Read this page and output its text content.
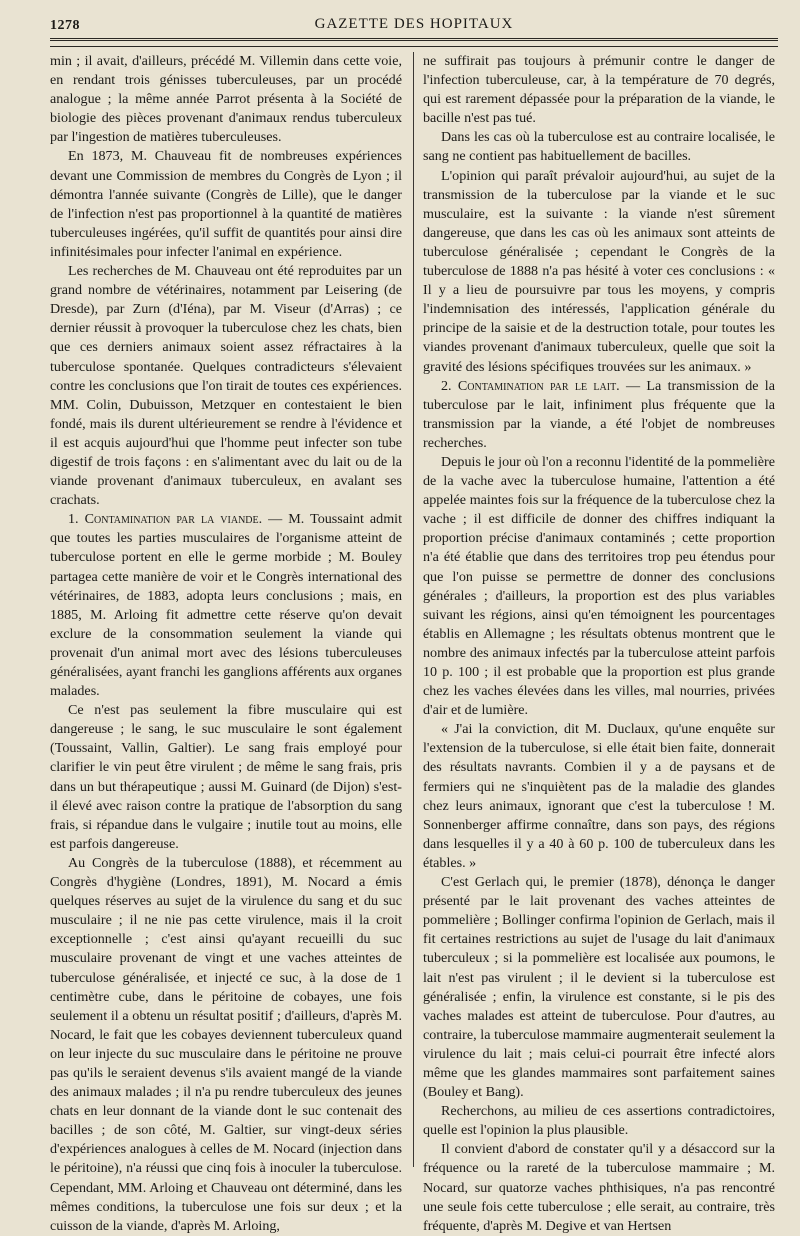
1278	GAZETTE DES HOPITAUX

min ; il avait, d'ailleurs, précédé M. Villemin dans cette voie, en rendant trois génisses tuberculeuses, par un procédé analogue ; la même année Parrot présenta à la Société de biologie des pièces provenant d'animaux rendus tuberculeux par l'ingestion de matières tuberculeuses.

En 1873, M. Chauveau fit de nombreuses expériences devant une Commission de membres du Congrès de Lyon ; il démontra l'année suivante (Congrès de Lille), que le danger de l'infection n'est pas proportionnel à la quantité de matières tuberculeuses ingérées, qu'il suffit de quantités pour ainsi dire infinitésimales pour infecter l'animal en expérience.

Les recherches de M. Chauveau ont été reproduites par un grand nombre de vétérinaires, notamment par Leisering (de Dresde), par Zurn (d'Iéna), par M. Viseur (d'Arras) ; ce dernier réussit à provoquer la tuberculose chez les chats, bien que ces derniers animaux soient assez réfractaires à la tuberculose spontanée. Quelques contradicteurs s'élevaient contre les conclusions que l'on tirait de toutes ces expériences. MM. Colin, Dubuisson, Metzquer en contestaient le bien fondé, mais ils durent ultérieurement se rendre à l'évidence et il est acquis aujourd'hui que l'homme peut infecter son tube digestif de trois façons : en s'alimentant avec du lait ou de la viande provenant d'animaux tuberculeux, en avalant ses crachats.

1. Contamination par la viande. — M. Toussaint admit que toutes les parties musculaires de l'organisme atteint de tuberculose portent en elle le germe morbide ; M. Bouley partagea cette manière de voir et le Congrès international des vétérinaires, de 1883, adopta leurs conclusions ; mais, en 1885, M. Arloing fit admettre cette réserve qu'on devait exclure de la consommation seulement la viande qui provenait d'un animal mort avec des lésions tuberculeuses généralisées, ayant franchi les ganglions afférents aux organes malades.

Ce n'est pas seulement la fibre musculaire qui est dangereuse ; le sang, le suc musculaire le sont également (Toussaint, Vallin, Galtier). Le sang frais employé pour clarifier le vin peut être virulent ; de même le sang frais, pris dans un but thérapeutique ; aussi M. Guinard (de Dijon) s'est-il élevé avec raison contre la pratique de l'absorption du sang frais, si répandue dans le vulgaire ; inutile tout au moins, elle est parfois dangereuse.

Au Congrès de la tuberculose (1888), et récemment au Congrès d'hygiène (Londres, 1891), M. Nocard a émis quelques réserves au sujet de la virulence du sang et du suc musculaire ; il ne nie pas cette virulence, mais il la croit exceptionnelle ; c'est ainsi qu'ayant recueilli du suc musculaire provenant de vingt et une vaches atteintes de tuberculose généralisée, et injecté ce suc, à la dose de 1 centimètre cube, dans le péritoine de cobayes, une fois seulement il a obtenu un résultat positif ; d'ailleurs, d'après M. Nocard, le fait que les cobayes deviennent tuberculeux quand on leur injecte du suc musculaire dans le péritoine ne prouve pas qu'ils le seraient devenus s'ils avaient mangé de la viande des animaux malades ; il n'a pu rendre tuberculeux des jeunes chats en leur donnant de la viande dont le suc contenait des bacilles ; de son côté, M. Galtier, sur vingt-deux séries d'expériences analogues à celles de M. Nocard (injection dans le péritoine), n'a réussi que cinq fois à inoculer la tuberculose. Cependant, MM. Arloing et Chauveau ont déterminé, dans les mêmes conditions, la tuberculose une fois sur deux ; et la cuisson de la viande, d'après M. Arloing,

ne suffirait pas toujours à prémunir contre le danger de l'infection tuberculeuse, car, à la température de 70 degrés, qui est rarement dépassée pour la préparation de la viande, le bacille n'est pas tué.

Dans les cas où la tuberculose est au contraire localisée, le sang ne contient pas habituellement de bacilles.

L'opinion qui paraît prévaloir aujourd'hui, au sujet de la transmission de la tuberculose par la viande et le suc musculaire, est la suivante : la viande n'est sûrement dangereuse, que dans les cas où les animaux sont atteints de tuberculose généralisée ; cependant le Congrès de la tuberculose de 1888 n'a pas hésité à voter ces conclusions : « Il y a lieu de poursuivre par tous les moyens, y compris l'indemnisation des intéressés, l'application générale du principe de la saisie et de la destruction totale, pour toutes les viandes provenant d'animaux tuberculeux, quelle que soit la gravité des lésions spécifiques trouvées sur les animaux. »

2. Contamination par le lait. — La transmission de la tuberculose par le lait, infiniment plus fréquente que la transmission par la viande, a été l'objet de nombreuses recherches.

Depuis le jour où l'on a reconnu l'identité de la pommelière de la vache avec la tuberculose humaine, l'attention a été appelée maintes fois sur la fréquence de la tuberculose chez la vache ; il est difficile de donner des chiffres indiquant la proportion précise d'animaux contaminés ; cette proportion n'a été établie que dans des territoires trop peu étendus pour que l'on puisse se permettre de donner des conclusions générales ; d'ailleurs, la proportion est des plus variables suivant les régions, ainsi qu'en témoignent les pourcentages établis en Allemagne ; les résultats obtenus montrent que le nombre des animaux infectés par la tuberculose atteint parfois 10 p. 100 ; il est probable que la proportion est plus grande chez les vaches élevées dans les villes, mal nourries, privées d'air et de lumière.

« J'ai la conviction, dit M. Duclaux, qu'une enquête sur l'extension de la tuberculose, si elle était bien faite, donnerait des résultats navrants. Combien il y a de paysans et de fermiers qui ne s'inquiètent pas de la maladie des glandes chez leurs animaux, ignorant que c'est la tuberculose ! M. Sonnenberger affirme connaître, dans son pays, des régions dans lesquelles il y a 40 à 60 p. 100 de tuberculeux dans les étables. »

C'est Gerlach qui, le premier (1878), dénonça le danger présenté par le lait provenant des vaches atteintes de pommelière ; Bollinger confirma l'opinion de Gerlach, mais il fit certaines restrictions au sujet de l'usage du lait d'animaux tuberculeux ; si la pommelière est localisée aux poumons, le lait n'est pas virulent ; il le devient si la tuberculose est généralisée ; enfin, la virulence est constante, si le pis des vaches malades est atteint de tuberculose. Pour d'autres, au contraire, la tuberculose mammaire augmenterait seulement la virulence du lait ; mais celui-ci pourrait être infecté alors même que les glandes mammaires sont parfaitement saines (Bouley et Bang).

Recherchons, au milieu de ces assertions contradictoires, quelle est l'opinion la plus plausible.

Il convient d'abord de constater qu'il y a désaccord sur la fréquence ou la rareté de la tuberculose mammaire ; M. Nocard, sur quatorze vaches phthisiques, n'a pas rencontré une seule fois cette tuberculose ; elle serait, au contraire, très fréquente, d'après M. Degive et van Hertsen
